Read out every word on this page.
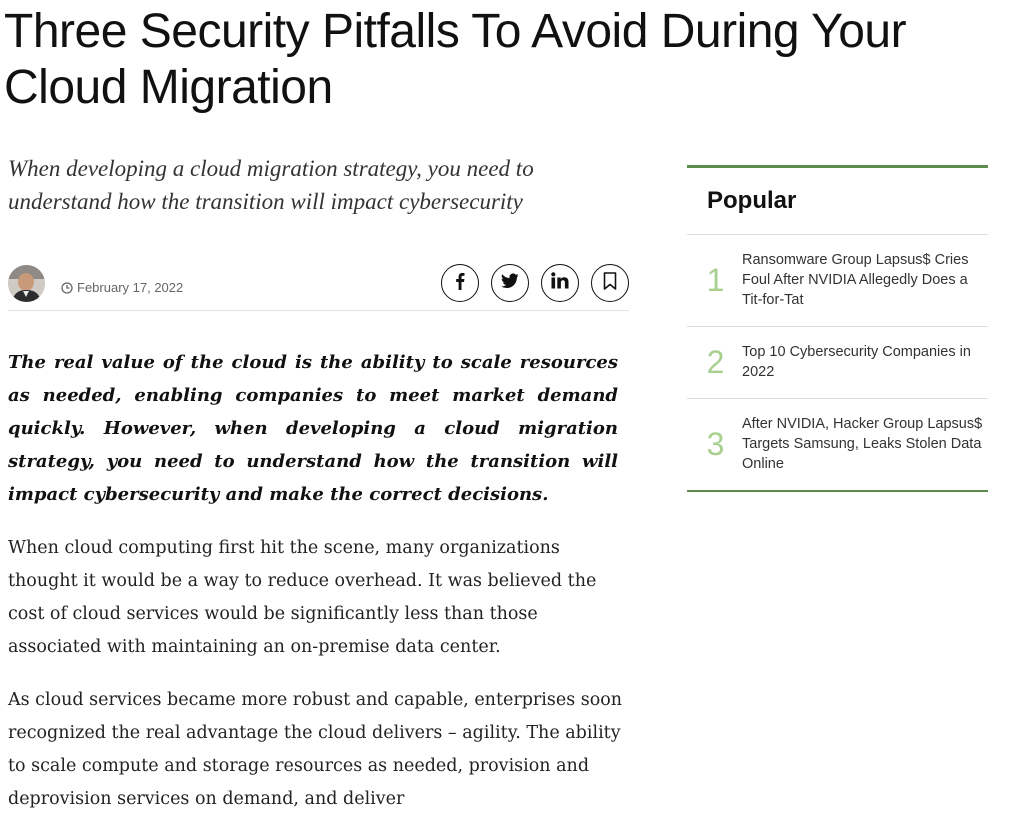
Three Security Pitfalls To Avoid During Your Cloud Migration

When developing a cloud migration strategy, you need to understand how the transition will impact cybersecurity

February 17, 2022

The real value of the cloud is the ability to scale resources as needed, enabling companies to meet market demand quickly. However, when developing a cloud migration strategy, you need to understand how the transition will impact cybersecurity and make the correct decisions.

When cloud computing first hit the scene, many organizations thought it would be a way to reduce overhead. It was believed the cost of cloud services would be significantly less than those associated with maintaining an on-premise data center.

As cloud services became more robust and capable, enterprises soon recognized the real advantage the cloud delivers – agility. The ability to scale compute and storage resources as needed, provision and deprovision services on demand, and deliver

Popular
1
Ransomware Group Lapsus$ Cries Foul After NVIDIA Allegedly Does a Tit-for-Tat
2	Top 10 Cybersecurity Companies in 2022
3
After NVIDIA, Hacker Group Lapsus$ Targets Samsung, Leaks Stolen Data Online
